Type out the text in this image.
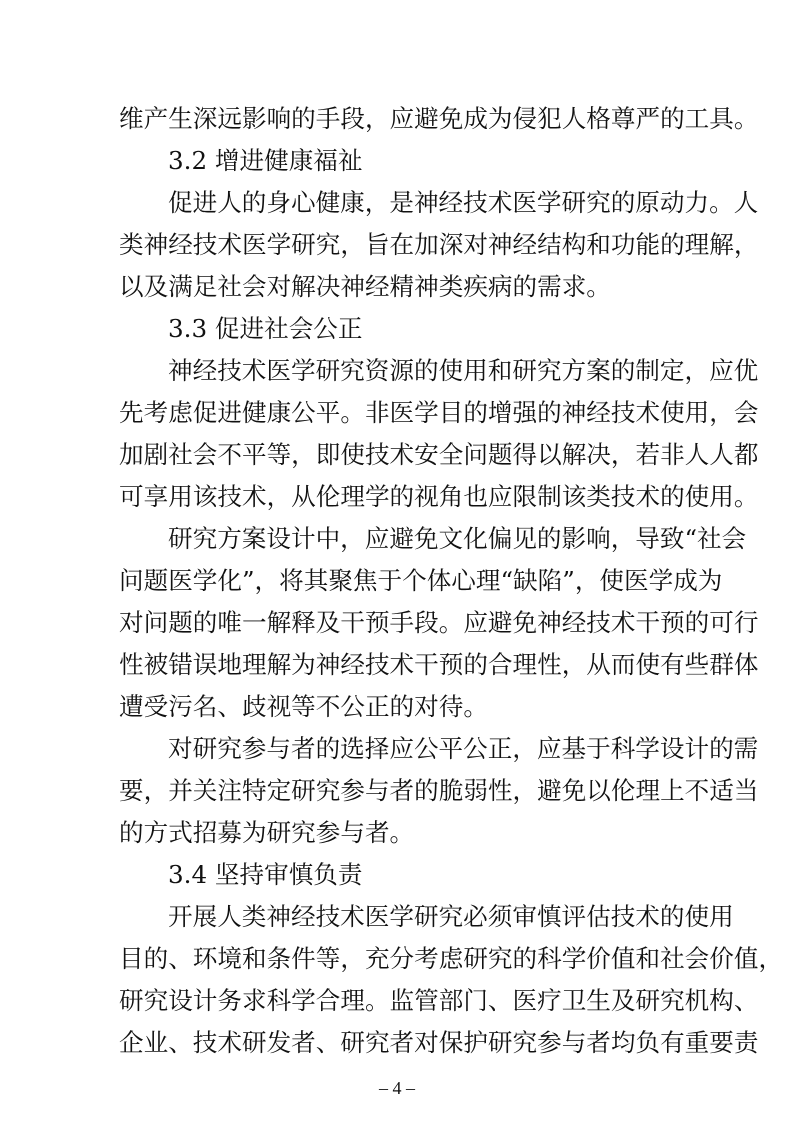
维产生深远影响的手段，应避免成为侵犯人格尊严的工具。
3.2 增进健康福祉
促进人的身心健康，是神经技术医学研究的原动力。人
类神经技术医学研究，旨在加深对神经结构和功能的理解，
以及满足社会对解决神经精神类疾病的需求。
3.3 促进社会公正
神经技术医学研究资源的使用和研究方案的制定，应优
先考虑促进健康公平。非医学目的增强的神经技术使用，会
加剧社会不平等，即使技术安全问题得以解决，若非人人都
可享用该技术，从伦理学的视角也应限制该类技术的使用。
研究方案设计中，应避免文化偏见的影响，导致“社会
问题医学化”，将其聚焦于个体心理“缺陷”，使医学成为
对问题的唯一解释及干预手段。应避免神经技术干预的可行
性被错误地理解为神经技术干预的合理性，从而使有些群体
遭受污名、歧视等不公正的对待。
对研究参与者的选择应公平公正，应基于科学设计的需
要，并关注特定研究参与者的脆弱性，避免以伦理上不适当
的方式招募为研究参与者。
3.4 坚持审慎负责
开展人类神经技术医学研究必须审慎评估技术的使用
目的、环境和条件等，充分考虑研究的科学价值和社会价值，
研究设计务求科学合理。监管部门、医疗卫生及研究机构、
企业、技术研发者、研究者对保护研究参与者均负有重要责
– 4 –
